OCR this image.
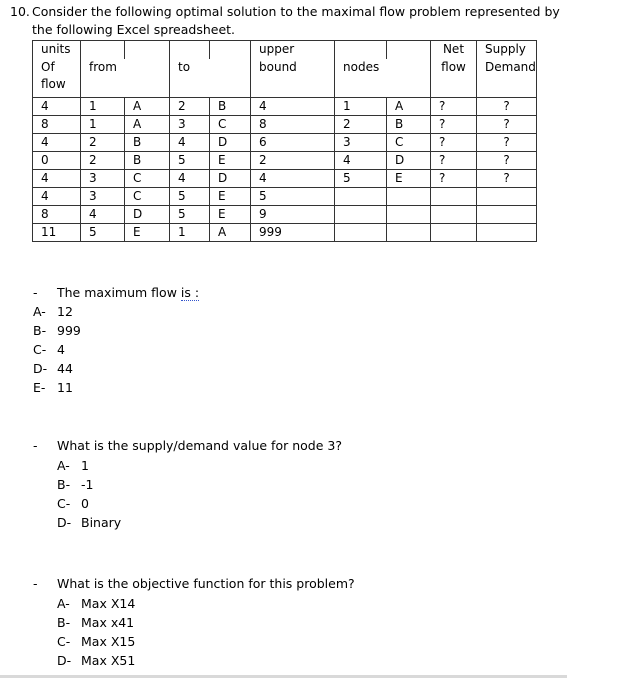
10. Consider the following optimal solution to the maximal flow problem represented by
the following Excel spreadsheet.
units					upper			Net	Supply

Of
flow	from		to		bound	nodes		flow	Demand
4	1	A	2	B	4	1	A	?	?
8	1	A	3	C	8	2	B	?	?
4	2	B	4	D	6	3	C	?	?
0	2	B	5	E	2	4	D	?	?
4	3	C	4	D	4	5	E	?	?
4	3	C	5	E	5				
8	4	D	5	E	9				
11	5	E	1	A	999				
- The maximum flow is :
A- 12
B- 999
C- 4
D- 44
E- 11
- What is the supply/demand value for node 3?
A- 1
B- -1
C- 0
D- Binary
- What is the objective function for this problem?
A- Max X14
B- Max x41
C- Max X15
D- Max X51
